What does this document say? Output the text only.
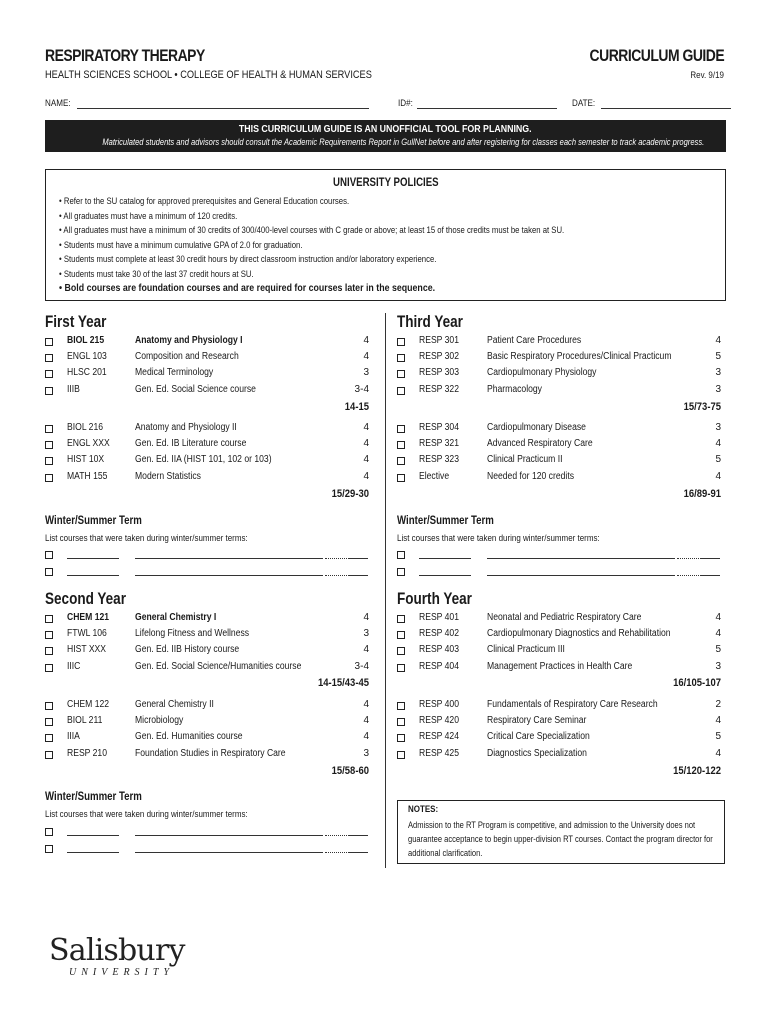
RESPIRATORY THERAPY	CURRICULUM GUIDE
HEALTH SCIENCES SCHOOL • COLLEGE OF HEALTH & HUMAN SERVICES	Rev. 9/19
NAME:	ID#:	DATE:
THIS CURRICULUM GUIDE IS AN UNOFFICIAL TOOL FOR PLANNING.
Matriculated students and advisors should consult the Academic Requirements Report in GullNet before and after registering for classes each semester to track academic progress.
UNIVERSITY POLICIES
• Refer to the SU catalog for approved prerequisites and General Education courses.
• All graduates must have a minimum of 120 credits.
• All graduates must have a minimum of 30 credits of 300/400-level courses with C grade or above; at least 15 of those credits must be taken at SU.
• Students must have a minimum cumulative GPA of 2.0 for graduation.
• Students must complete at least 30 credit hours by direct classroom instruction and/or laboratory experience.
• Students must take 30 of the last 37 credit hours at SU.
• Bold courses are foundation courses and are required for courses later in the sequence.
First Year
BIOL 215	Anatomy and Physiology I	4
ENGL 103	Composition and Research	4
HLSC 201	Medical Terminology	3
IIIB	Gen. Ed. Social Science course	3-4
14-15
BIOL 216	Anatomy and Physiology II	4
ENGL XXX	Gen. Ed. IB Literature course	4
HIST 10X	Gen. Ed. IIA (HIST 101, 102 or 103)	4
MATH 155	Modern Statistics	4
15/29-30
Third Year
RESP 301	Patient Care Procedures	4
RESP 302	Basic Respiratory Procedures/Clinical Practicum	5
RESP 303	Cardiopulmonary Physiology	3
RESP 322	Pharmacology	3
15/73-75
RESP 304	Cardiopulmonary Disease	3
RESP 321	Advanced Respiratory Care	4
RESP 323	Clinical Practicum II	5
Elective	Needed for 120 credits	4
16/89-91
Second Year
CHEM 121	General Chemistry I	4
FTWL 106	Lifelong Fitness and Wellness	3
HIST XXX	Gen. Ed. IIB History course	4
IIIC	Gen. Ed. Social Science/Humanities course	3-4
14-15/43-45
CHEM 122	General Chemistry II	4
BIOL 211	Microbiology	4
IIIA	Gen. Ed. Humanities course	4
RESP 210	Foundation Studies in Respiratory Care	3
15/58-60
Fourth Year
RESP 401	Neonatal and Pediatric Respiratory Care	4
RESP 402	Cardiopulmonary Diagnostics and Rehabilitation	4
RESP 403	Clinical Practicum III	5
RESP 404	Management Practices in Health Care	3
16/105-107
RESP 400	Fundamentals of Respiratory Care Research	2
RESP 420	Respiratory Care Seminar	4
RESP 424	Critical Care Specialization	5
RESP 425	Diagnostics Specialization	4
15/120-122
Winter/Summer Term
List courses that were taken during winter/summer terms:
Winter/Summer Term
List courses that were taken during winter/summer terms:
Winter/Summer Term
List courses that were taken during winter/summer terms:	NOTES:
Admission to the RT Program is competitive, and admission to the University does not guarantee acceptance to begin upper-division RT courses. Contact the program director for additional clarification.
Salisbury
UNIVERSITY
